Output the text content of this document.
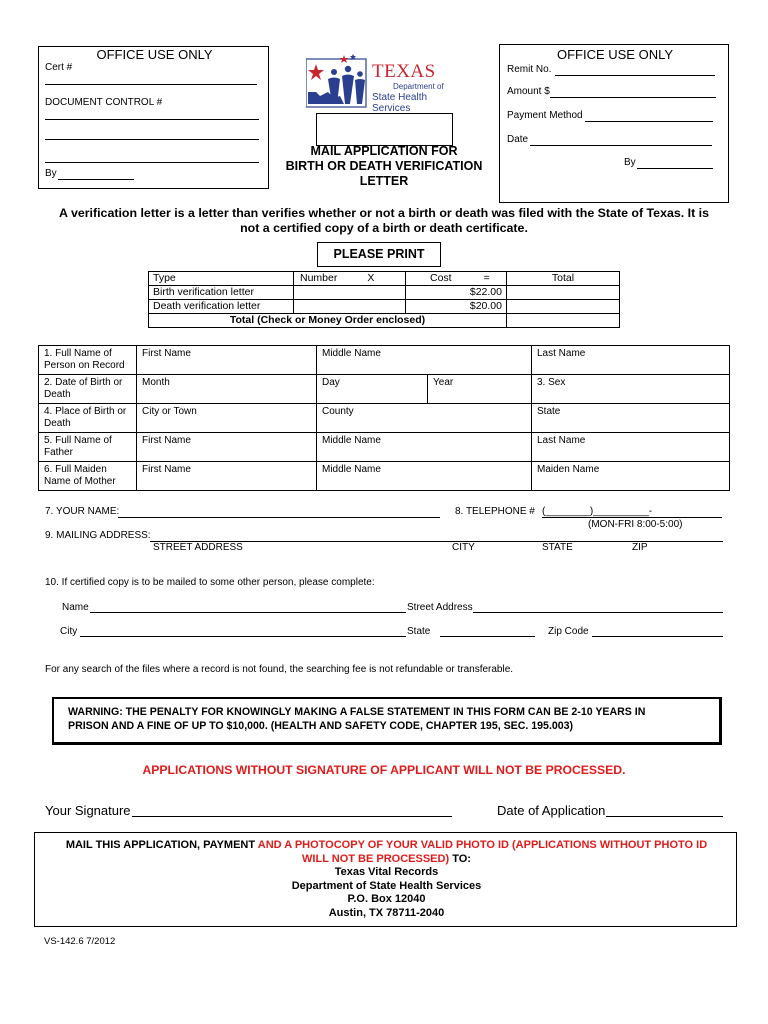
OFFICE USE ONLY
Cert #
DOCUMENT CONTROL #
By
OFFICE USE ONLY
Remit No.
Amount $
Payment Method
Date
By
TEXAS
Department of
State Health Services
MAIL APPLICATION FOR
BIRTH OR DEATH VERIFICATION
LETTER
A verification letter is a letter than verifies whether or not a birth or death was filed with the State of Texas. It is
not a certified copy of a birth or death certificate.
PLEASE PRINT
Type	Number X	Cost =	Total
Birth verification letter		$22.00	
Death verification letter		$20.00	
Total (Check or Money Order enclosed)			
1. Full Name of Person on Record	First Name	Middle Name		Last Name
2. Date of Birth or Death	Month	Day	Year	3. Sex
4. Place of Birth or Death	City or Town	County		State
5. Full Name of Father	First Name	Middle Name		Last Name
6. Full Maiden Name of Mother	First Name	Middle Name		Maiden Name
7. YOUR NAME:	8. TELEPHONE # (________)__________-
(MON-FRI 8:00-5:00)
9. MAILING ADDRESS:
STREET ADDRESS	CITY	STATE	ZIP
10. If certified copy is to be mailed to some other person, please complete:
Name	Street Address
City	State	Zip Code
For any search of the files where a record is not found, the searching fee is not refundable or transferable.
WARNING: THE PENALTY FOR KNOWINGLY MAKING A FALSE STATEMENT IN THIS FORM CAN BE 2-10 YEARS IN
PRISON AND A FINE OF UP TO $10,000. (HEALTH AND SAFETY CODE, CHAPTER 195, SEC. 195.003)
APPLICATIONS WITHOUT SIGNATURE OF APPLICANT WILL NOT BE PROCESSED.
Your Signature	Date of Application
MAIL THIS APPLICATION, PAYMENT AND A PHOTOCOPY OF YOUR VALID PHOTO ID (APPLICATIONS WITHOUT PHOTO ID
WILL NOT BE PROCESSED) TO:
Texas Vital Records
Department of State Health Services
P.O. Box 12040
Austin, TX 78711-2040
VS-142.6 7/2012
